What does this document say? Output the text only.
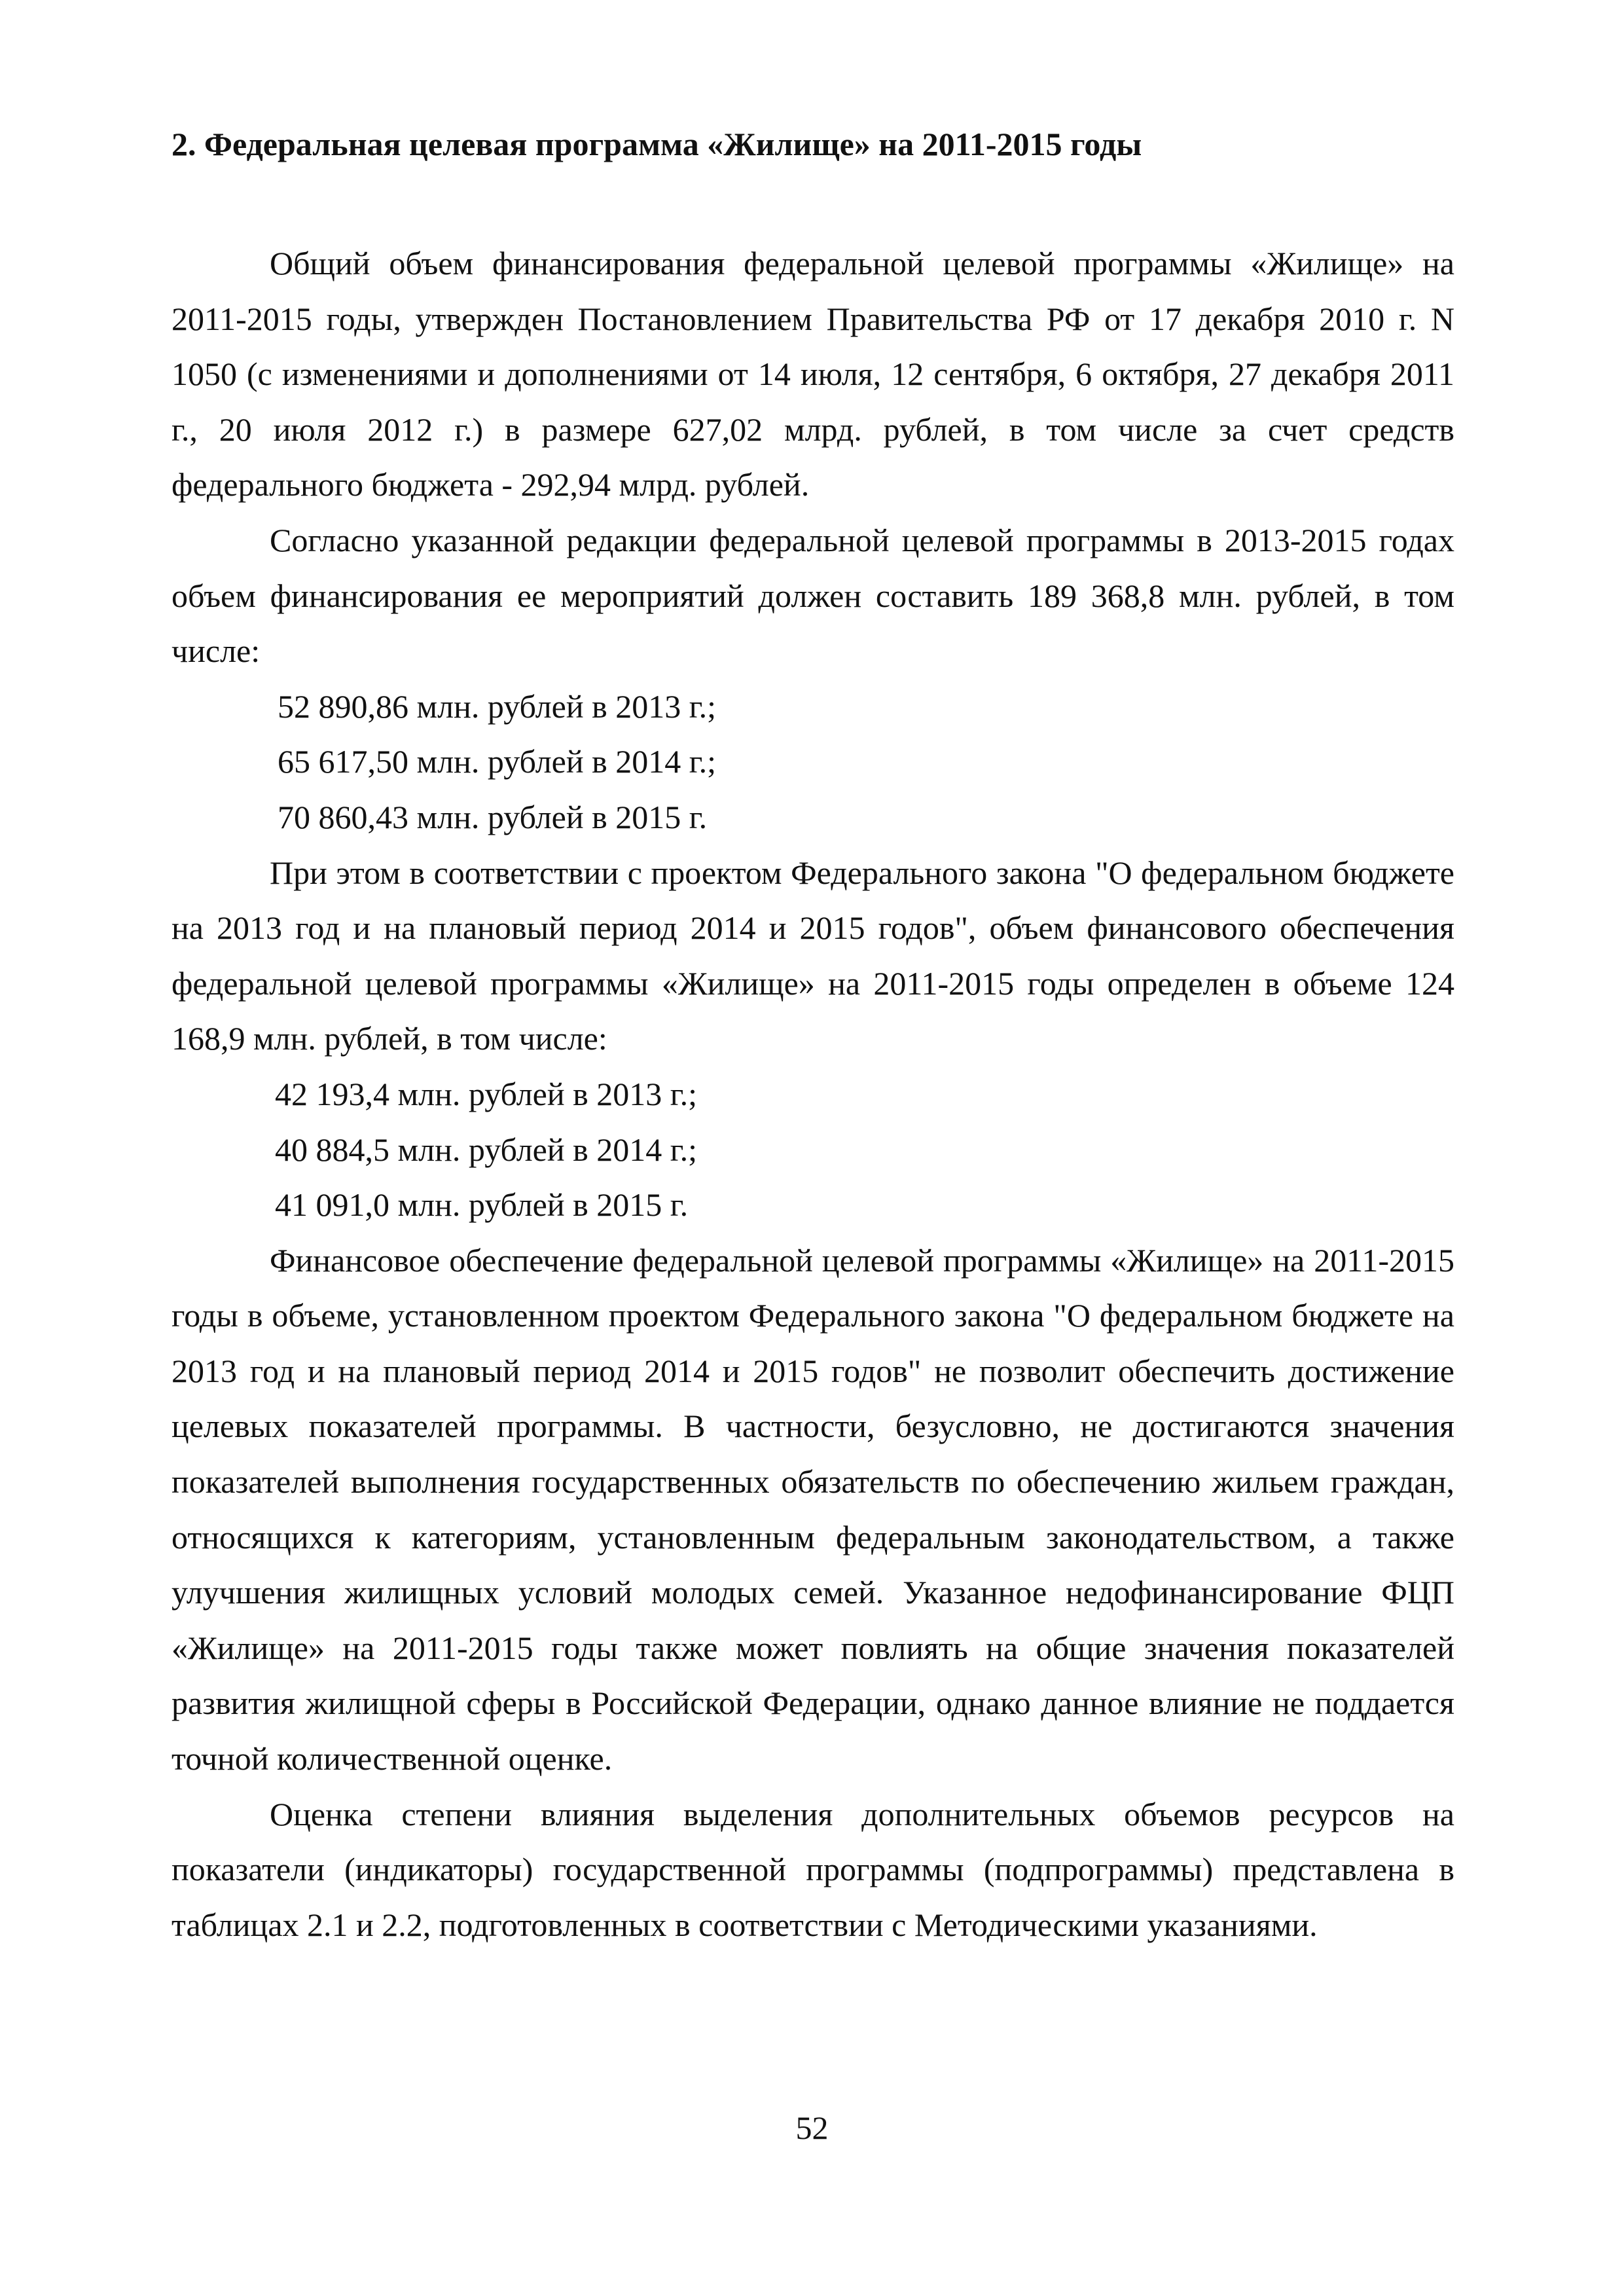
2. Федеральная целевая программа «Жилище» на 2011-2015 годы

Общий объем финансирования федеральной целевой программы «Жилище» на 2011-2015 годы, утвержден Постановлением Правительства РФ от 17 декабря 2010 г. N 1050 (с изменениями и дополнениями от 14 июля, 12 сентября, 6 октября, 27 декабря 2011 г., 20 июля 2012 г.) в размере 627,02 млрд. рублей, в том числе за счет средств федерального бюджета - 292,94 млрд. рублей.

Согласно указанной редакции федеральной целевой программы в 2013-2015 годах объем финансирования ее мероприятий должен составить 189 368,8 млн. рублей, в том числе:

52 890,86 млн. рублей в 2013 г.;

65 617,50 млн. рублей в 2014 г.;

70 860,43 млн. рублей в 2015 г.

При этом в соответствии с проектом Федерального закона "О федеральном бюджете на 2013 год и на плановый период 2014 и 2015 годов", объем финансового обеспечения федеральной целевой программы «Жилище» на 2011-2015 годы определен в объеме 124 168,9 млн. рублей, в том числе:

42 193,4 млн. рублей в 2013 г.;

40 884,5 млн. рублей в 2014 г.;

41 091,0 млн. рублей в 2015 г.

Финансовое обеспечение федеральной целевой программы «Жилище» на 2011-2015 годы в объеме, установленном проектом Федерального закона "О федеральном бюджете на 2013 год и на плановый период 2014 и 2015 годов" не позволит обеспечить достижение целевых показателей программы. В частности, безусловно, не достигаются значения показателей выполнения государственных обязательств по обеспечению жильем граждан, относящихся к категориям, установленным федеральным законодательством, а также улучшения жилищных условий молодых семей. Указанное недофинансирование ФЦП «Жилище» на 2011-2015 годы также может повлиять на общие значения показателей развития жилищной сферы в Российской Федерации, однако данное влияние не поддается точной количественной оценке.

Оценка степени влияния выделения дополнительных объемов ресурсов на показатели (индикаторы) государственной программы (подпрограммы) представлена в таблицах 2.1 и 2.2, подготовленных в соответствии с Методическими указаниями.

52
